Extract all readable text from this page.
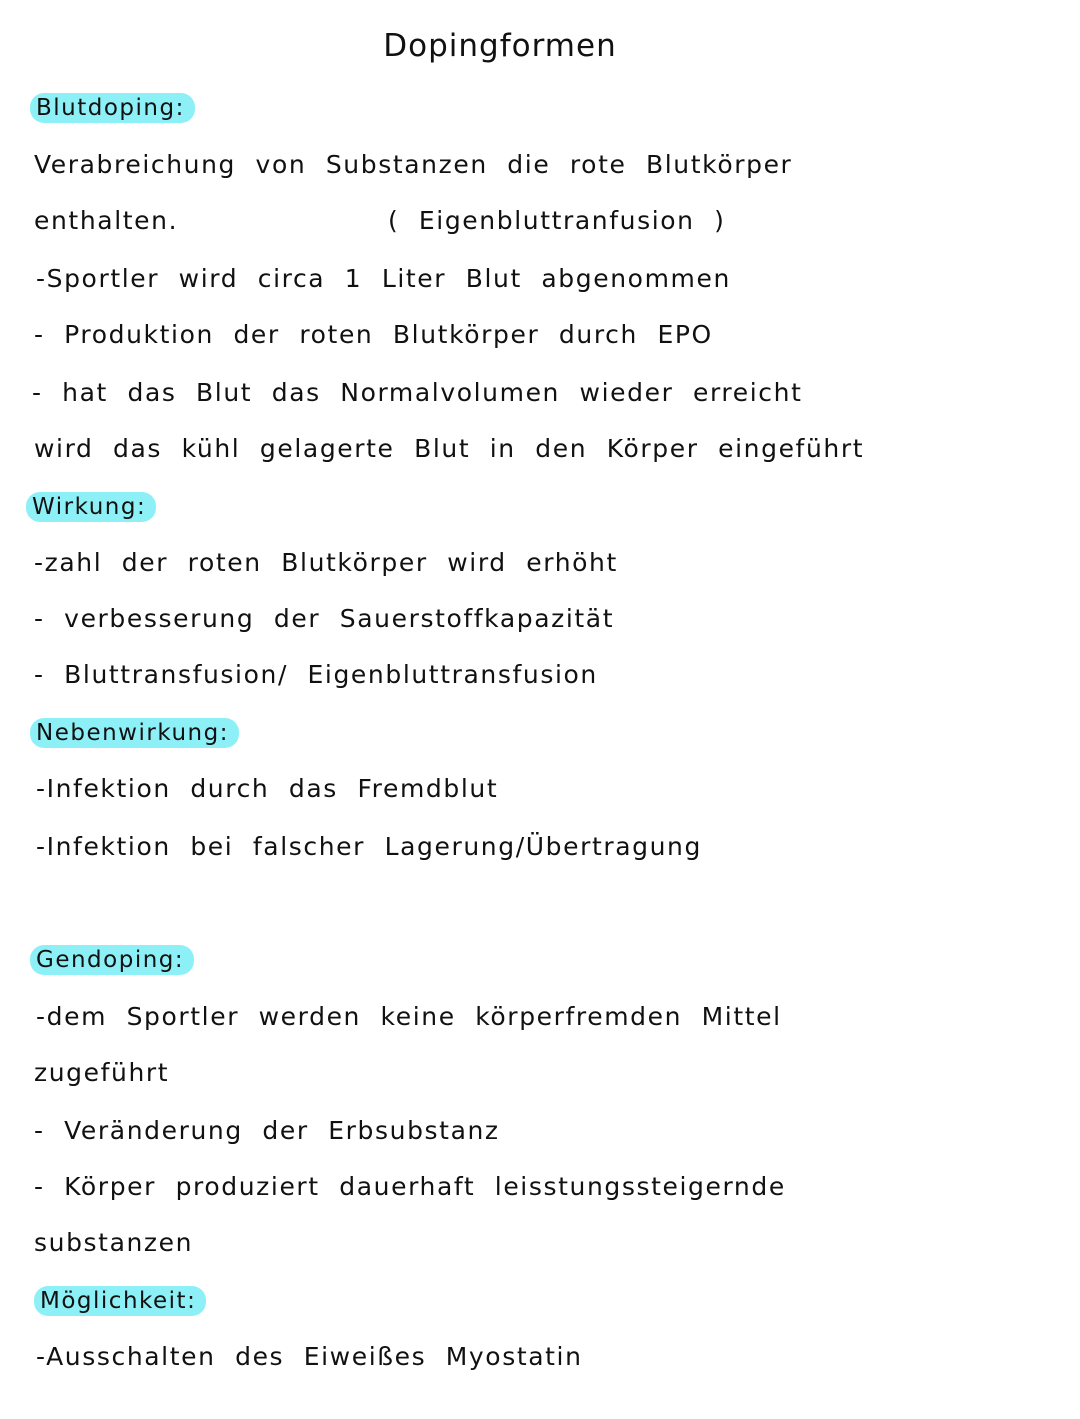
Dopingformen
Blutdoping:
Verabreichung von Substanzen die rote Blutkörper
enthalten.	( Eigenbluttranfusion )
-Sportler wird circa 1 Liter Blut abgenommen
- Produktion der roten Blutkörper durch EPO
- hat das Blut das Normalvolumen wieder erreicht
wird das kühl gelagerte Blut in den Körper eingeführt
Wirkung:
-zahl der roten Blutkörper wird erhöht
- verbesserung der Sauerstoffkapazität
- Bluttransfusion/ Eigenbluttransfusion
Nebenwirkung:
-Infektion durch das Fremdblut
-Infektion bei falscher Lagerung/Übertragung
Gendoping:
-dem Sportler werden keine körperfremden Mittel
zugeführt
- Veränderung der Erbsubstanz
- Körper produziert dauerhaft leisstungssteigernde
substanzen
Möglichkeit:
-Ausschalten des Eiweißes Myostatin
